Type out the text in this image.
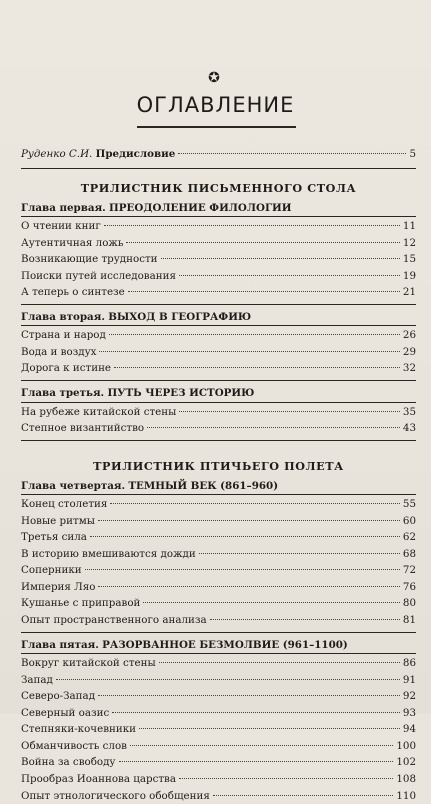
✪
ОГЛАВЛЕНИЕ
Руденко С.И. Предисловие	5
ТРИЛИСТНИК ПИСЬМЕННОГО СТОЛА
Глава первая. ПРЕОДОЛЕНИЕ ФИЛОЛОГИИ
О чтении книг	11
Аутентичная ложь	12
Возникающие трудности	15
Поиски путей исследования	19
А теперь о синтезе	21
Глава вторая. ВЫХОД В ГЕОГРАФИЮ
Страна и народ	26
Вода и воздух	29
Дорога к истине	32
Глава третья. ПУТЬ ЧЕРЕЗ ИСТОРИЮ
На рубеже китайской стены	35
Степное византийство	43
ТРИЛИСТНИК ПТИЧЬЕГО ПОЛЕТА
Глава четвертая. ТЕМНЫЙ ВЕК (861–960)
Конец столетия	55
Новые ритмы	60
Третья сила	62
В историю вмешиваются дожди	68
Соперники	72
Империя Ляо	76
Кушанье с приправой	80
Опыт пространственного анализа	81
Глава пятая. РАЗОРВАННОЕ БЕЗМОЛВИЕ (961–1100)
Вокруг китайской стены	86
Запад	91
Северо-Запад	92
Северный оазис	93
Степняки-кочевники	94
Обманчивость слов	100
Война за свободу	102
Прообраз Иоаннова царства	108
Опыт этнологического обобщения	110
